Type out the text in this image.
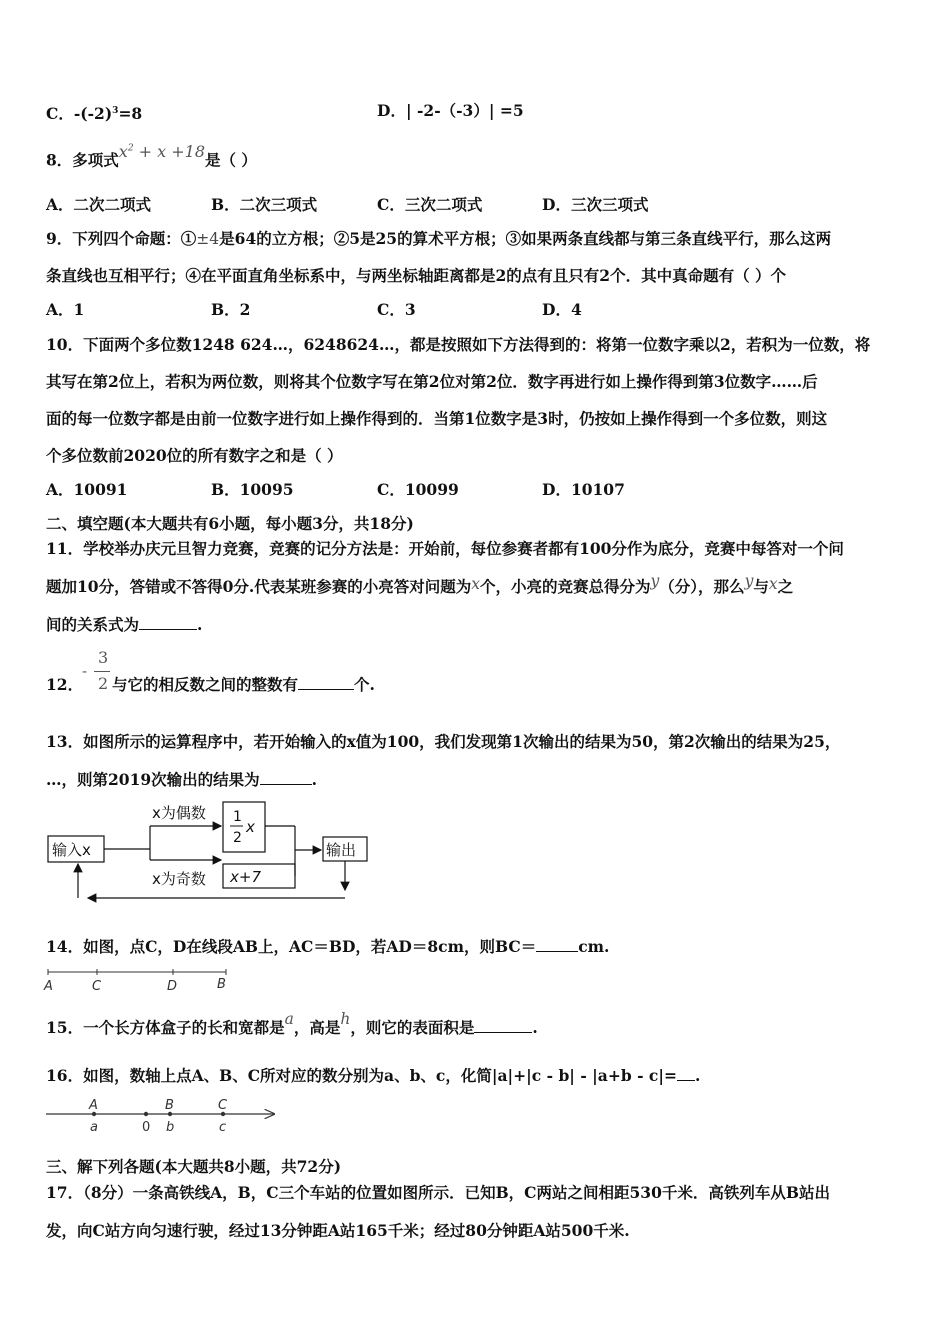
C．$-(-2)^3=8$	D．| -2-（-3）| =5
8．多项式$x^2 + x +18$是（ ）
A．二次二项式	B．二次三项式	C．三次二项式	D．三次三项式
9．下列四个命题：①±4是64的立方根；②5是25的算术平方根；③如果两条直线都与第三条直线平行，那么这两
条直线也互相平行；④在平面直角坐标系中，与两坐标轴距离都是2的点有且只有2个．其中真命题有（ ）个
A．1	B．2	C．3	D．4
10．下面两个多位数1248 624…，6248624…，都是按照如下方法得到的：将第一位数字乘以2，若积为一位数，将
其写在第2位上，若积为两位数，则将其个位数字写在第2位对第2位．数字再进行如上操作得到第3位数字……后
面的每一位数字都是由前一位数字进行如上操作得到的．当第1位数字是3时，仍按如上操作得到一个多位数，则这
个多位数前2020位的所有数字之和是（ ）
A．10091	B．10095	C．10099	D．10107
二、填空题(本大题共有6小题，每小题3分，共18分)
11．学校举办庆元旦智力竞赛，竞赛的记分方法是：开始前，每位参赛者都有100分作为底分，竞赛中每答对一个问
题加10分，答错或不答得0分.代表某班参赛的小亮答对问题为x个，小亮的竞赛总得分为y（分），那么y与x之
间的关系式为	.
12．
-
3
2 与它的相反数之间的整数有	个.
13．如图所示的运算程序中，若开始输入的x值为100，我们发现第1次输出的结果为50，第2次输出的结果为25，
…，则第2019次输出的结果为	.
输入x
x为偶数
x为奇数
1
2
x
x+7
输出
14．如图，点C，D在线段AB上，AC＝BD，若AD＝8cm，则BC＝	cm.
A	C	D	B
15．一个长方体盒子的长和宽都是a，高是h，则它的表面积是	.
16．如图，数轴上点A、B、C所对应的数分别为a、b、c，化简|a|+|c - b| - |a+b - c|= .
A	B	C
a	0 b	c
三、解下列各题(本大题共8小题，共72分)
17．（8分）一条高铁线A，B，C三个车站的位置如图所示．已知B，C两站之间相距530千米．高铁列车从B站出
发，向C站方向匀速行驶，经过13分钟距A站165千米；经过80分钟距A站500千米.
